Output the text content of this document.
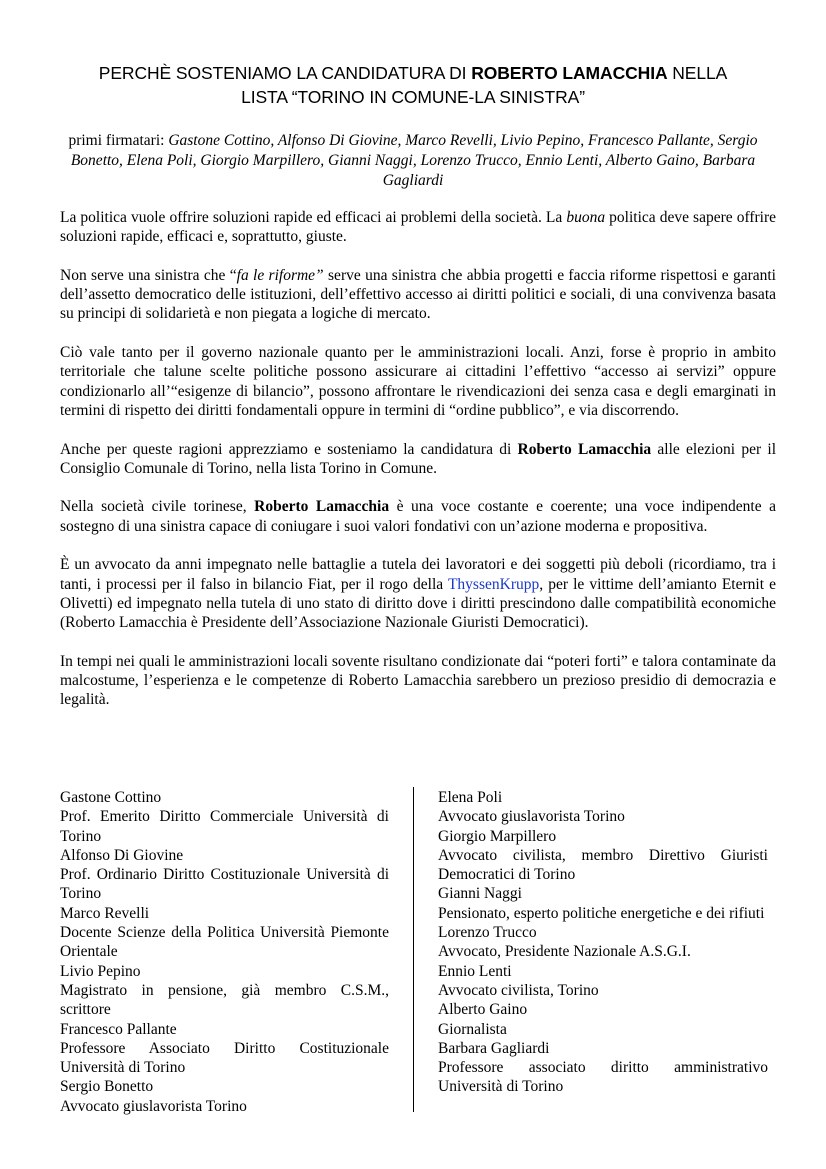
PERCHÈ SOSTENIAMO LA CANDIDATURA DI ROBERTO LAMACCHIA NELLA
LISTA “TORINO IN COMUNE-LA SINISTRA”
primi firmatari: Gastone Cottino, Alfonso Di Giovine, Marco Revelli, Livio Pepino, Francesco Pallante, Sergio Bonetto, Elena Poli, Giorgio Marpillero, Gianni Naggi, Lorenzo Trucco, Ennio Lenti, Alberto Gaino, Barbara Gagliardi

La politica vuole offrire soluzioni rapide ed efficaci ai problemi della società. La buona politica deve sapere offrire soluzioni rapide, efficaci e, soprattutto, giuste.

Non serve una sinistra che “fa le riforme” serve una sinistra che abbia progetti e faccia riforme rispettosi e garanti dell’assetto democratico delle istituzioni, dell’effettivo accesso ai diritti politici e sociali, di una convivenza basata su principi di solidarietà e non piegata a logiche di mercato.

Ciò vale tanto per il governo nazionale quanto per le amministrazioni locali. Anzi, forse è proprio in ambito territoriale che talune scelte politiche possono assicurare ai cittadini l’effettivo “accesso ai servizi” oppure condizionarlo all’“esigenze di bilancio”, possono affrontare le rivendicazioni dei senza casa e degli emarginati in termini di rispetto dei diritti fondamentali oppure in termini di “ordine pubblico”, e via discorrendo.

Anche per queste ragioni apprezziamo e sosteniamo la candidatura di Roberto Lamacchia alle elezioni per il Consiglio Comunale di Torino, nella lista Torino in Comune.

Nella società civile torinese, Roberto Lamacchia è una voce costante e coerente; una voce indipendente a sostegno di una sinistra capace di coniugare i suoi valori fondativi con un’azione moderna e propositiva.

È un avvocato da anni impegnato nelle battaglie a tutela dei lavoratori e dei soggetti più deboli (ricordiamo, tra i tanti, i processi per il falso in bilancio Fiat, per il rogo della ThyssenKrupp, per le vittime dell’amianto Eternit e Olivetti) ed impegnato nella tutela di uno stato di diritto dove i diritti prescindono dalle compatibilità economiche (Roberto Lamacchia è Presidente dell’Associazione Nazionale Giuristi Democratici).

In tempi nei quali le amministrazioni locali sovente risultano condizionate dai “poteri forti” e talora contaminate da malcostume, l’esperienza e le competenze di Roberto Lamacchia sarebbero un prezioso presidio di democrazia e legalità.

Gastone Cottino
Prof. Emerito Diritto Commerciale Università di Torino
Alfonso Di Giovine
Prof. Ordinario Diritto Costituzionale Università di Torino
Marco Revelli
Docente Scienze della Politica Università Piemonte Orientale
Livio Pepino
Magistrato in pensione, già membro C.S.M., scrittore
Francesco Pallante
Professore Associato Diritto Costituzionale Università di Torino
Sergio Bonetto
Avvocato giuslavorista Torino
Elena Poli
Avvocato giuslavorista Torino
Giorgio Marpillero
Avvocato civilista, membro Direttivo Giuristi Democratici di Torino
Gianni Naggi
Pensionato, esperto politiche energetiche e dei rifiuti
Lorenzo Trucco
Avvocato, Presidente Nazionale A.S.G.I.
Ennio Lenti
Avvocato civilista, Torino
Alberto Gaino
Giornalista
Barbara Gagliardi
Professore associato diritto amministrativo Università di Torino
